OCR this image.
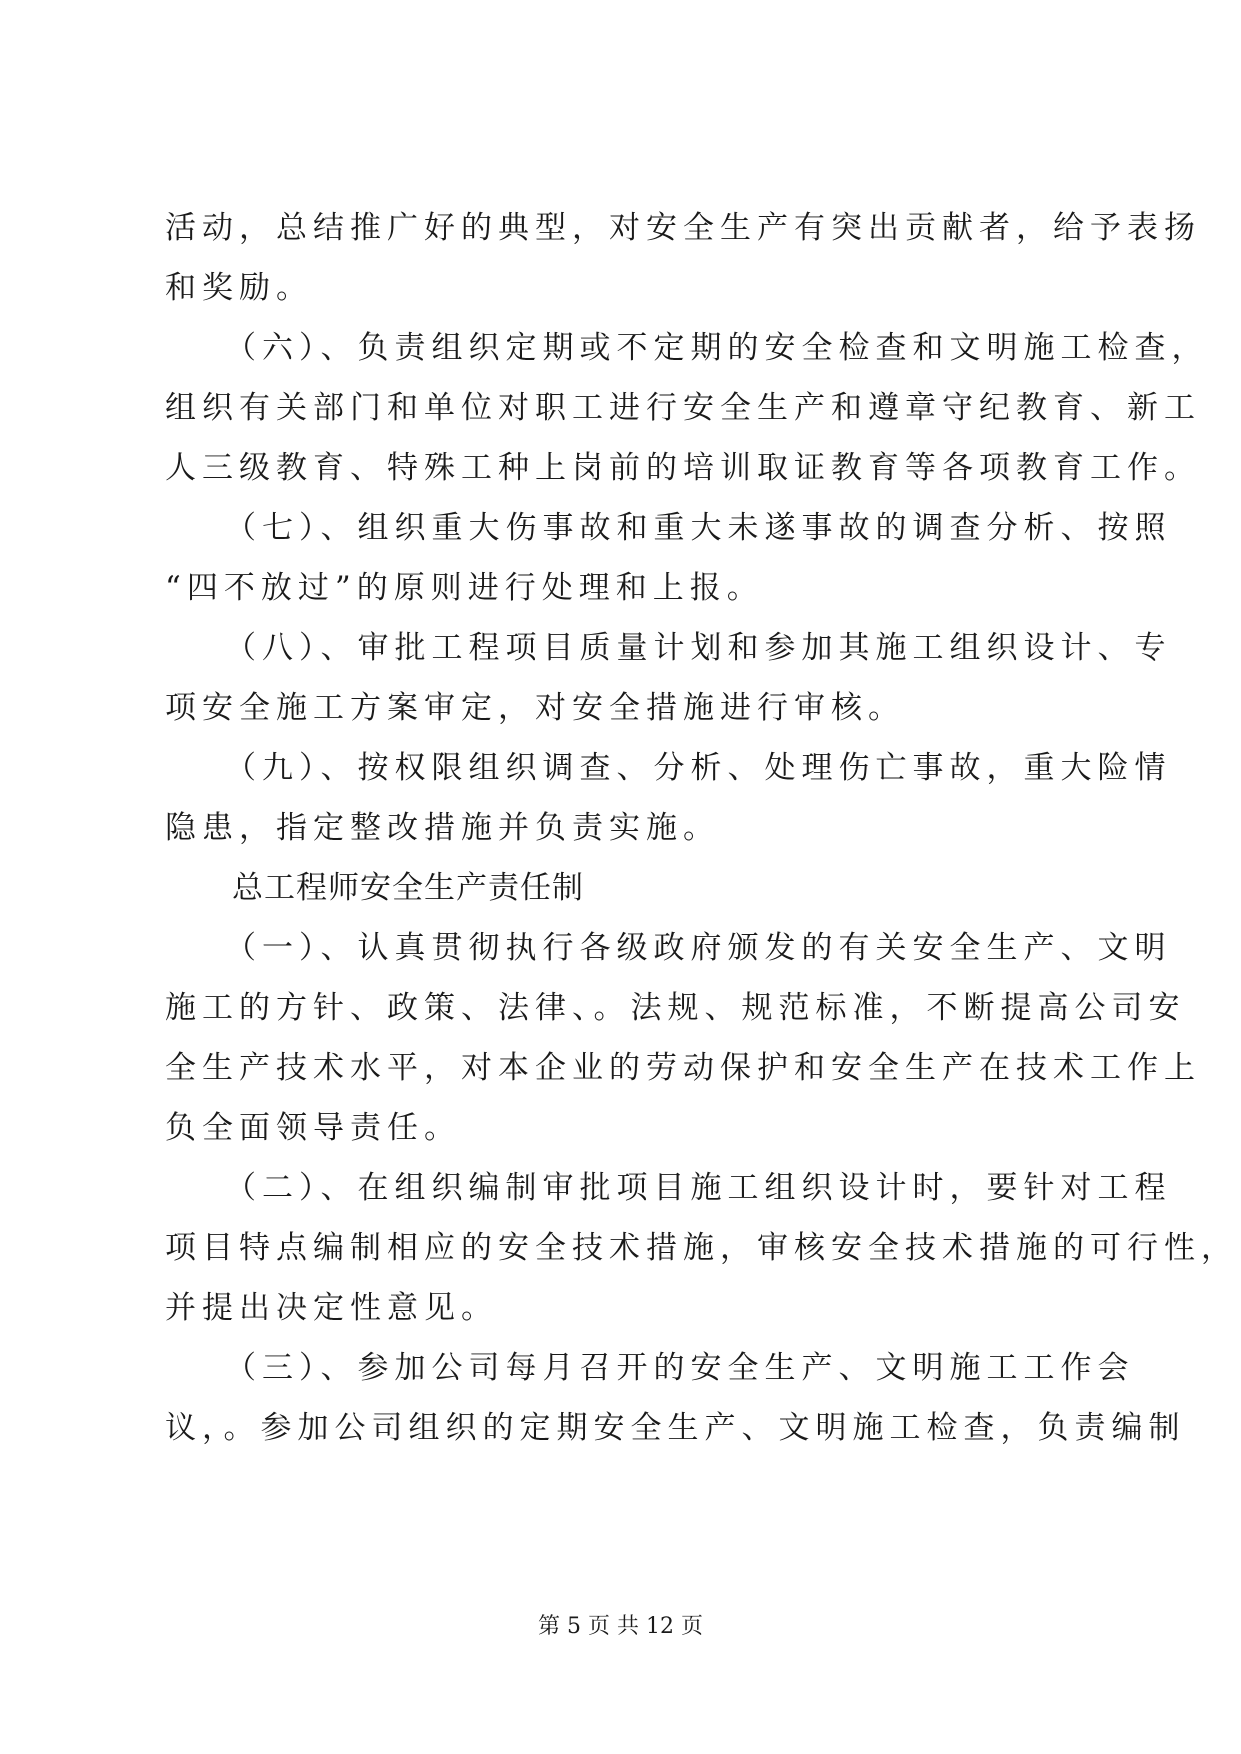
活动，总结推广好的典型，对安全生产有突出贡献者，给予表扬

和奖励。

（六）、负责组织定期或不定期的安全检查和文明施工检查，

组织有关部门和单位对职工进行安全生产和遵章守纪教育、新工

人三级教育、特殊工种上岗前的培训取证教育等各项教育工作。

（七）、组织重大伤事故和重大未遂事故的调查分析、按照

“四不放过”的原则进行处理和上报。

（八）、审批工程项目质量计划和参加其施工组织设计、专

项安全施工方案审定，对安全措施进行审核。

（九）、按权限组织调查、分析、处理伤亡事故，重大险情

隐患，指定整改措施并负责实施。

总工程师安全生产责任制

（一）、认真贯彻执行各级政府颁发的有关安全生产、文明

施工的方针、政策、法律、。法规、规范标准，不断提高公司安

全生产技术水平，对本企业的劳动保护和安全生产在技术工作上

负全面领导责任。

（二）、在组织编制审批项目施工组织设计时，要针对工程

项目特点编制相应的安全技术措施，审核安全技术措施的可行性，

并提出决定性意见。

（三）、参加公司每月召开的安全生产、文明施工工作会

议，。参加公司组织的定期安全生产、文明施工检查，负责编制

第 5 页 共 12 页
